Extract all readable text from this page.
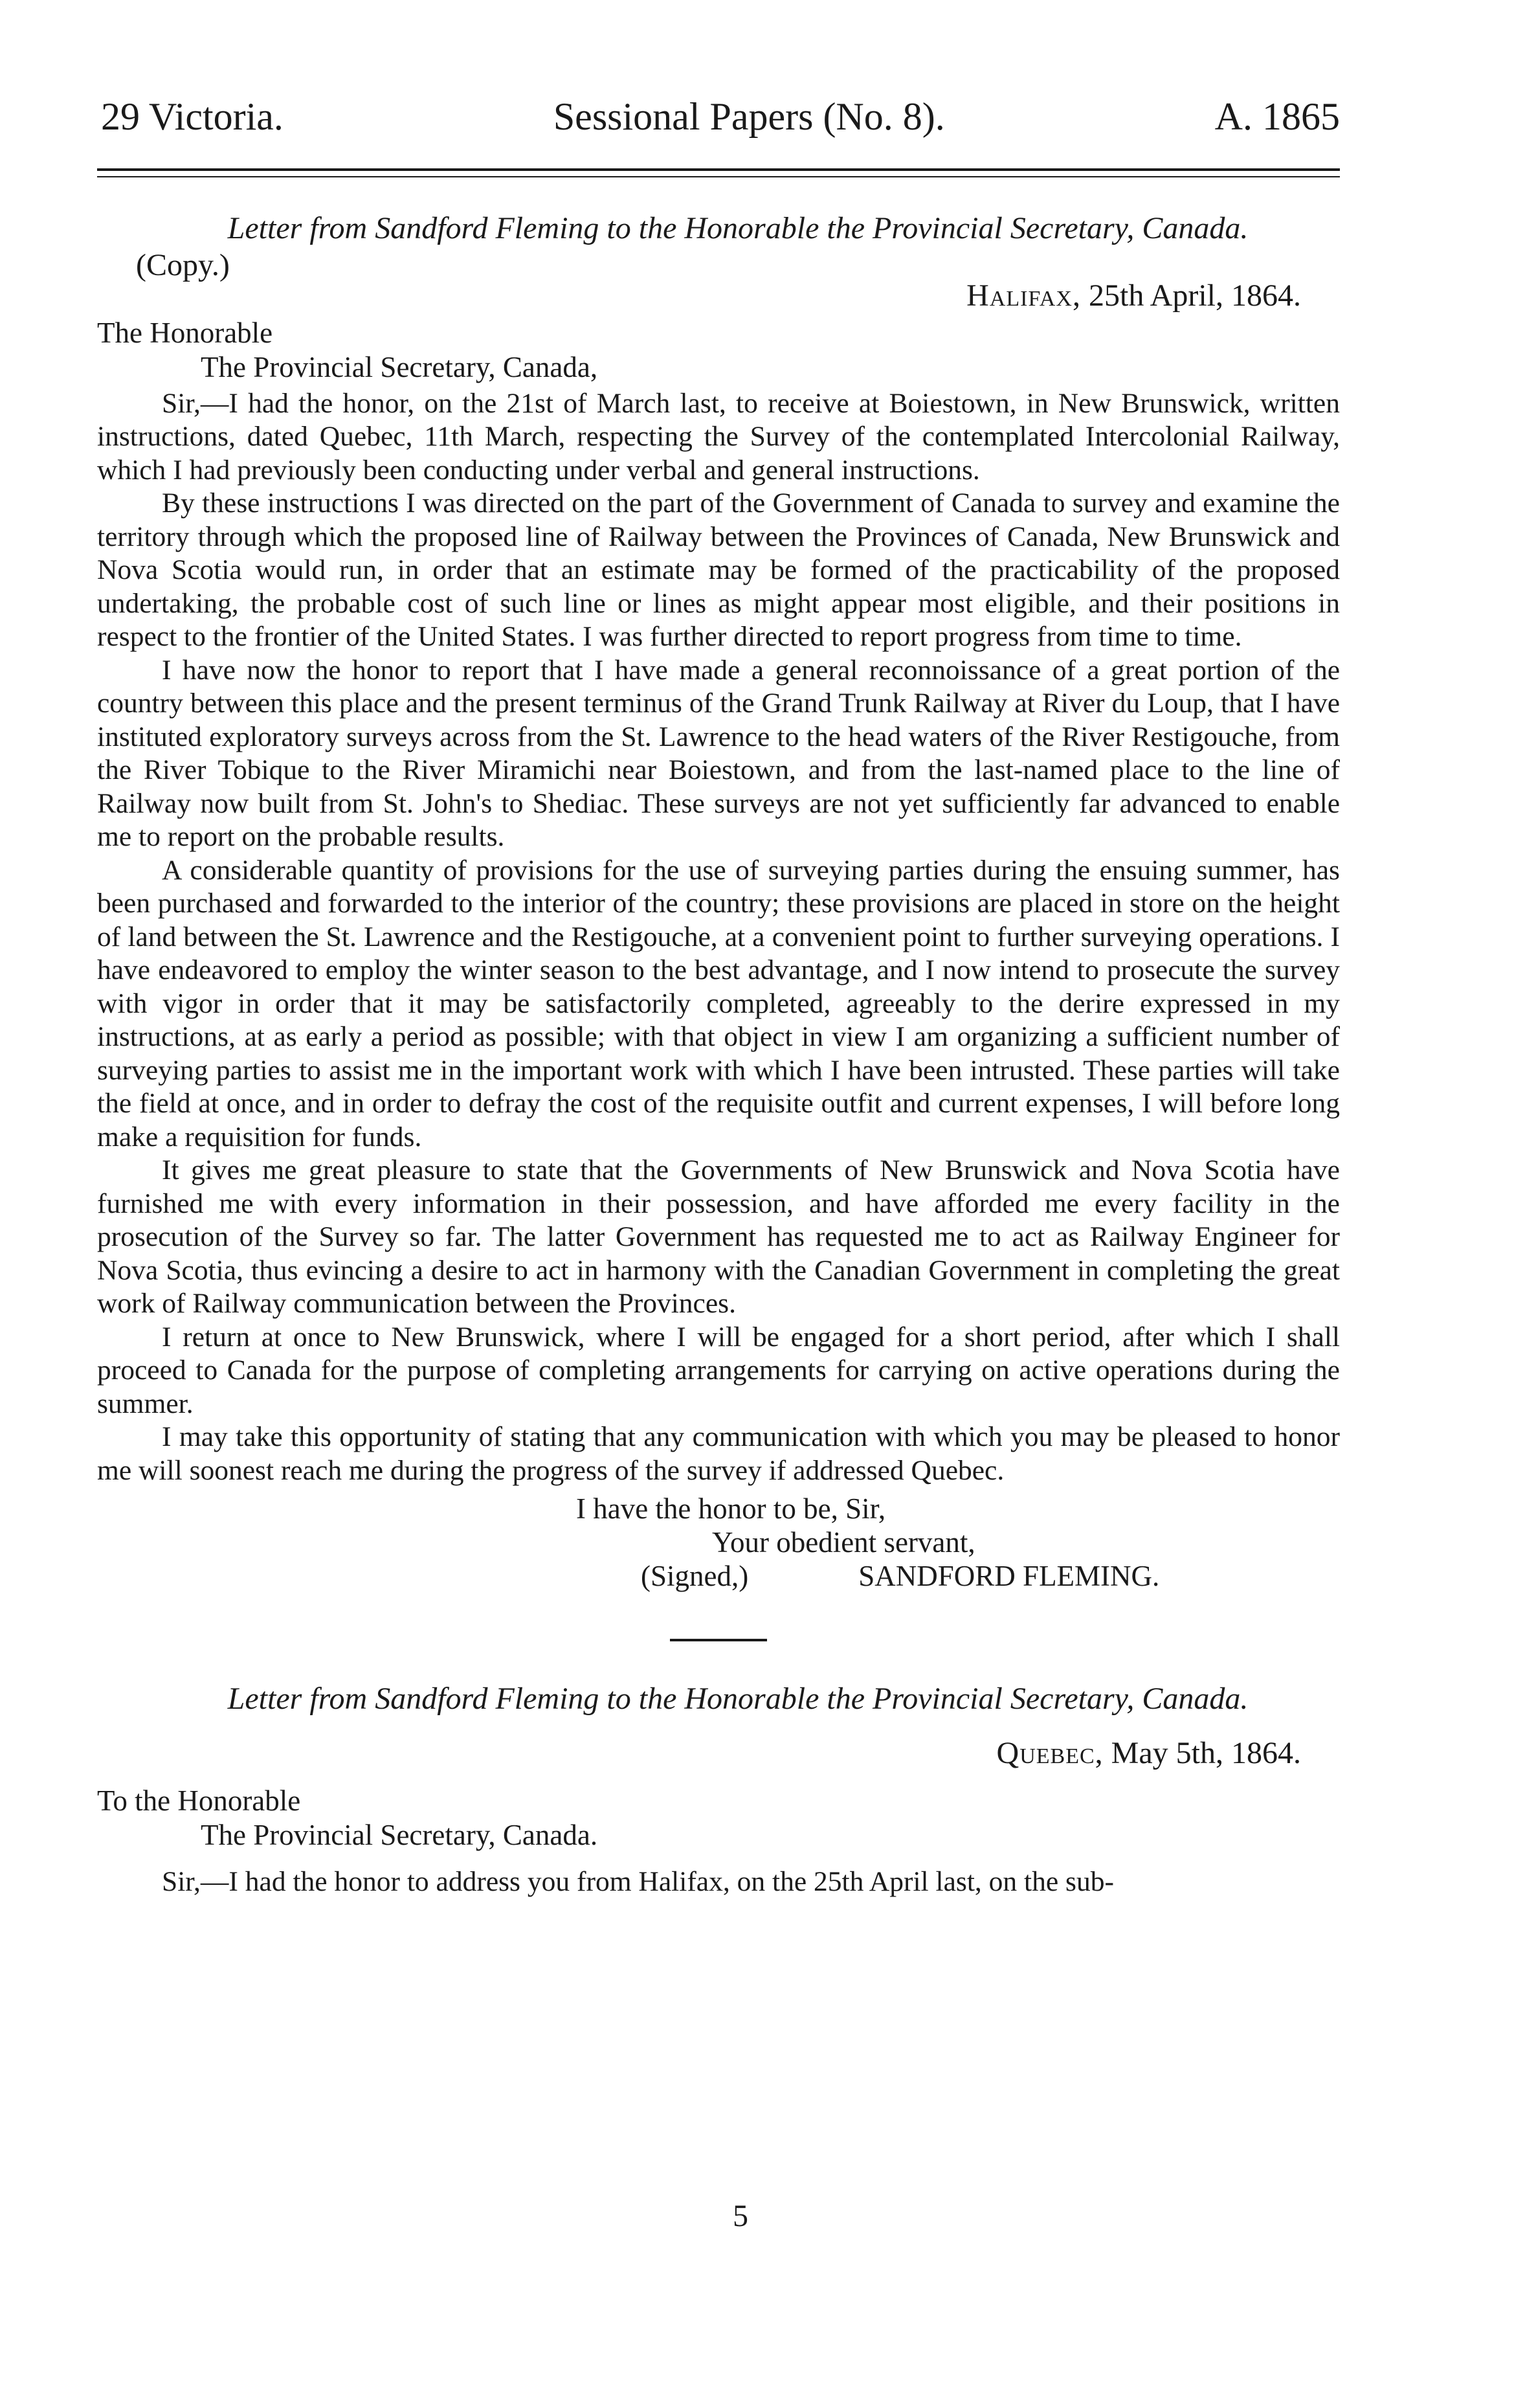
29 Victoria.	Sessional Papers (No. 8).	A. 1865
Letter from Sandford Fleming to the Honorable the Provincial Secretary, Canada.
(Copy.)
Halifax, 25th April, 1864.
The Honorable
The Provincial Secretary, Canada,

Sir,—I had the honor, on the 21st of March last, to receive at Boiestown, in New Brunswick, written instructions, dated Quebec, 11th March, respecting the Survey of the contemplated Intercolonial Railway, which I had previously been conducting under verbal and general instructions.

By these instructions I was directed on the part of the Government of Canada to survey and examine the territory through which the proposed line of Railway between the Provinces of Canada, New Brunswick and Nova Scotia would run, in order that an estimate may be formed of the practicability of the proposed undertaking, the probable cost of such line or lines as might appear most eligible, and their positions in respect to the frontier of the United States. I was further directed to report progress from time to time.

I have now the honor to report that I have made a general reconnoissance of a great portion of the country between this place and the present terminus of the Grand Trunk Railway at River du Loup, that I have instituted exploratory surveys across from the St. Lawrence to the head waters of the River Restigouche, from the River Tobique to the River Miramichi near Boiestown, and from the last-named place to the line of Railway now built from St. John's to Shediac. These surveys are not yet sufficiently far advanced to enable me to report on the probable results.

A considerable quantity of provisions for the use of surveying parties during the ensuing summer, has been purchased and forwarded to the interior of the country; these provisions are placed in store on the height of land between the St. Lawrence and the Restigouche, at a convenient point to further surveying operations. I have endeavored to employ the winter season to the best advantage, and I now intend to prosecute the survey with vigor in order that it may be satisfactorily completed, agreeably to the derire expressed in my instructions, at as early a period as possible; with that object in view I am organizing a sufficient number of surveying parties to assist me in the important work with which I have been intrusted. These parties will take the field at once, and in order to defray the cost of the requisite outfit and current expenses, I will before long make a requisition for funds.

It gives me great pleasure to state that the Governments of New Brunswick and Nova Scotia have furnished me with every information in their possession, and have afforded me every facility in the prosecution of the Survey so far. The latter Government has requested me to act as Railway Engineer for Nova Scotia, thus evincing a desire to act in harmony with the Canadian Government in completing the great work of Railway communication between the Provinces.

I return at once to New Brunswick, where I will be engaged for a short period, after which I shall proceed to Canada for the purpose of completing arrangements for carrying on active operations during the summer.

I may take this opportunity of stating that any communication with which you may be pleased to honor me will soonest reach me during the progress of the survey if addressed Quebec.

I have the honor to be, Sir,
Your obedient servant,
(Signed,)	SANDFORD FLEMING.
Letter from Sandford Fleming to the Honorable the Provincial Secretary, Canada.
Quebec, May 5th, 1864.
To the Honorable
The Provincial Secretary, Canada.

Sir,—I had the honor to address you from Halifax, on the 25th April last, on the sub-

5
